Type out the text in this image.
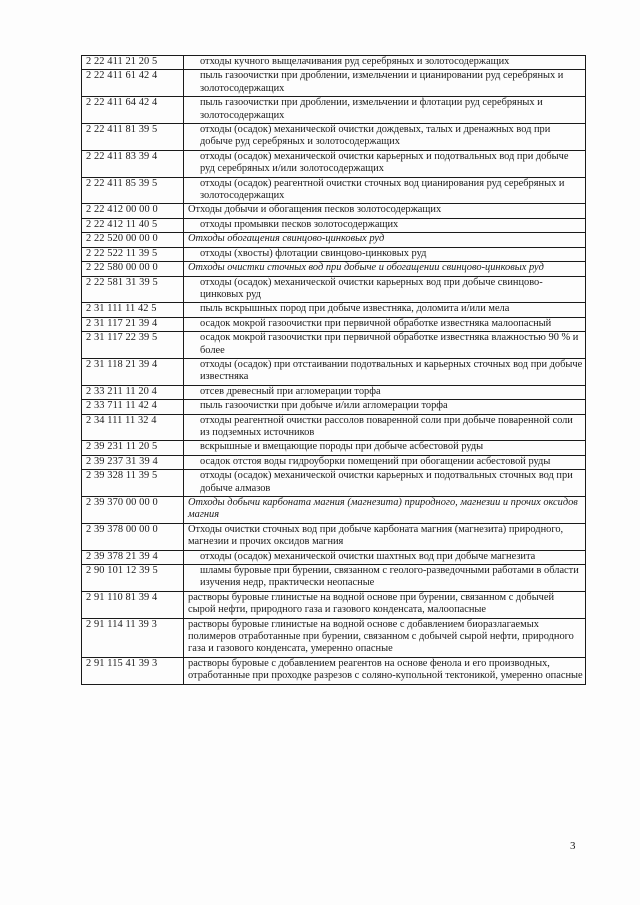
2 22 411 21 20 5	отходы кучного выщелачивания руд серебряных и золотосодержащих
2 22 411 61 42 4	пыль газоочистки при дроблении, измельчении и цианировании руд серебряных и золотосодержащих
2 22 411 64 42 4	пыль газоочистки при дроблении, измельчении и флотации руд серебряных и золотосодержащих
2 22 411 81 39 5	отходы (осадок) механической очистки дождевых, талых и дренажных вод при добыче руд серебряных и золотосодержащих
2 22 411 83 39 4	отходы (осадок) механической очистки карьерных и подотвальных вод при добыче руд серебряных и/или золотосодержащих
2 22 411 85 39 5	отходы (осадок) реагентной очистки сточных вод цианирования руд серебряных и золотосодержащих
2 22 412 00 00 0	Отходы добычи и обогащения песков золотосодержащих
2 22 412 11 40 5	отходы промывки песков золотосодержащих
2 22 520 00 00 0	Отходы обогащения свинцово-цинковых руд
2 22 522 11 39 5	отходы (хвосты) флотации свинцово-цинковых руд
2 22 580 00 00 0	Отходы очистки сточных вод при добыче и обогащении свинцово-цинковых руд
2 22 581 31 39 5	отходы (осадок) механической очистки карьерных вод при добыче свинцово-цинковых руд
2 31 111 11 42 5	пыль вскрышных пород при добыче известняка, доломита и/или мела
2 31 117 21 39 4	осадок мокрой газоочистки при первичной обработке известняка малоопасный
2 31 117 22 39 5	осадок мокрой газоочистки при первичной обработке известняка влажностью 90 % и более
2 31 118 21 39 4	отходы (осадок) при отстаивании подотвальных и карьерных сточных вод при добыче известняка
2 33 211 11 20 4	отсев древесный при агломерации торфа
2 33 711 11 42 4	пыль газоочистки при добыче и/или агломерации торфа
2 34 111 11 32 4	отходы реагентной очистки рассолов поваренной соли при добыче поваренной соли из подземных источников
2 39 231 11 20 5	вскрышные и вмещающие породы при добыче асбестовой руды
2 39 237 31 39 4	осадок отстоя воды гидроуборки помещений при обогащении асбестовой руды
2 39 328 11 39 5	отходы (осадок) механической очистки карьерных и подотвальных сточных вод при добыче алмазов
2 39 370 00 00 0	Отходы добычи карбоната магния (магнезита) природного, магнезии и прочих оксидов магния
2 39 378 00 00 0	Отходы очистки сточных вод при добыче карбоната магния (магнезита) природного, магнезии и прочих оксидов магния
2 39 378 21 39 4	отходы (осадок) механической очистки шахтных вод при добыче магнезита
2 90 101 12 39 5	шламы буровые при бурении, связанном с геолого-разведочными работами в области изучения недр, практически неопасные
2 91 110 81 39 4	растворы буровые глинистые на водной основе при бурении, связанном с добычей сырой нефти, природного газа и газового конденсата, малоопасные
2 91 114 11 39 3	растворы буровые глинистые на водной основе с добавлением биоразлагаемых полимеров отработанные при бурении, связанном с добычей сырой нефти, природного газа и газового конденсата, умеренно опасные
2 91 115 41 39 3	растворы буровые с добавлением реагентов на основе фенола и его производных, отработанные при проходке разрезов с соляно-купольной тектоникой, умеренно опасные
3
